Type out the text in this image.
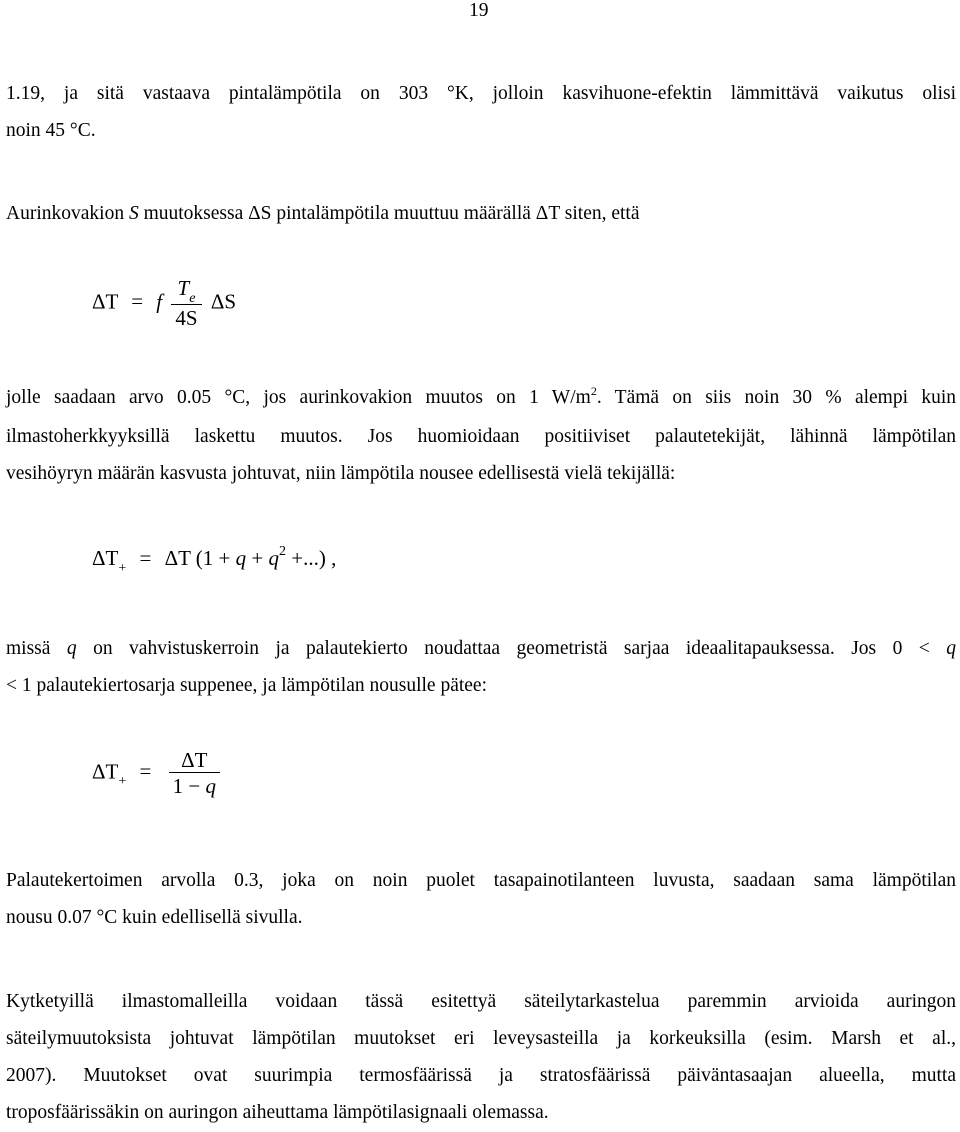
19
1.19, ja sitä vastaava pintalämpötila on 303 °K, jolloin kasvihuone-efektin lämmittävä vaikutus olisi
noin 45 °C.
Aurinkovakion S muutoksessa ΔS pintalämpötila muuttuu määrällä ΔT siten, että
ΔT = f $\frac{T_e}{4S}$ ΔS
jolle saadaan arvo 0.05 °C, jos aurinkovakion muutos on 1 $W/m^2$. Tämä on siis noin 30 % alempi kuin
ilmastoherkkyyksillä laskettu muutos. Jos huomioidaan positiiviset palautetekijät, lähinnä lämpötilan
vesihöyryn määrän kasvusta johtuvat, niin lämpötila nousee edellisestä vielä tekijällä:
$\Delta T_+ = \Delta T$ ($1 + q + q^2$ +...) ,
missä q on vahvistuskerroin ja palautekierto noudattaa geometristä sarjaa ideaalitapauksessa. Jos 0 < q
< 1 palautekiertosarja suppenee, ja lämpötilan nousulle pätee:
$\Delta T_+ = \frac{\Delta T}{1 - q}$
Palautekertoimen arvolla 0.3, joka on noin puolet tasapainotilanteen luvusta, saadaan sama lämpötilan
nousu 0.07 °C kuin edellisellä sivulla.
Kytketyillä ilmastomalleilla voidaan tässä esitettyä säteilytarkastelua paremmin arvioida auringon
säteilymuutoksista johtuvat lämpötilan muutokset eri leveysasteilla ja korkeuksilla (esim. Marsh et al.,
2007). Muutokset ovat suurimpia termosfäärissä ja stratosfäärissä päiväntasaajan alueella, mutta
troposfäärissäkin on auringon aiheuttama lämpötilasignaali olemassa.
